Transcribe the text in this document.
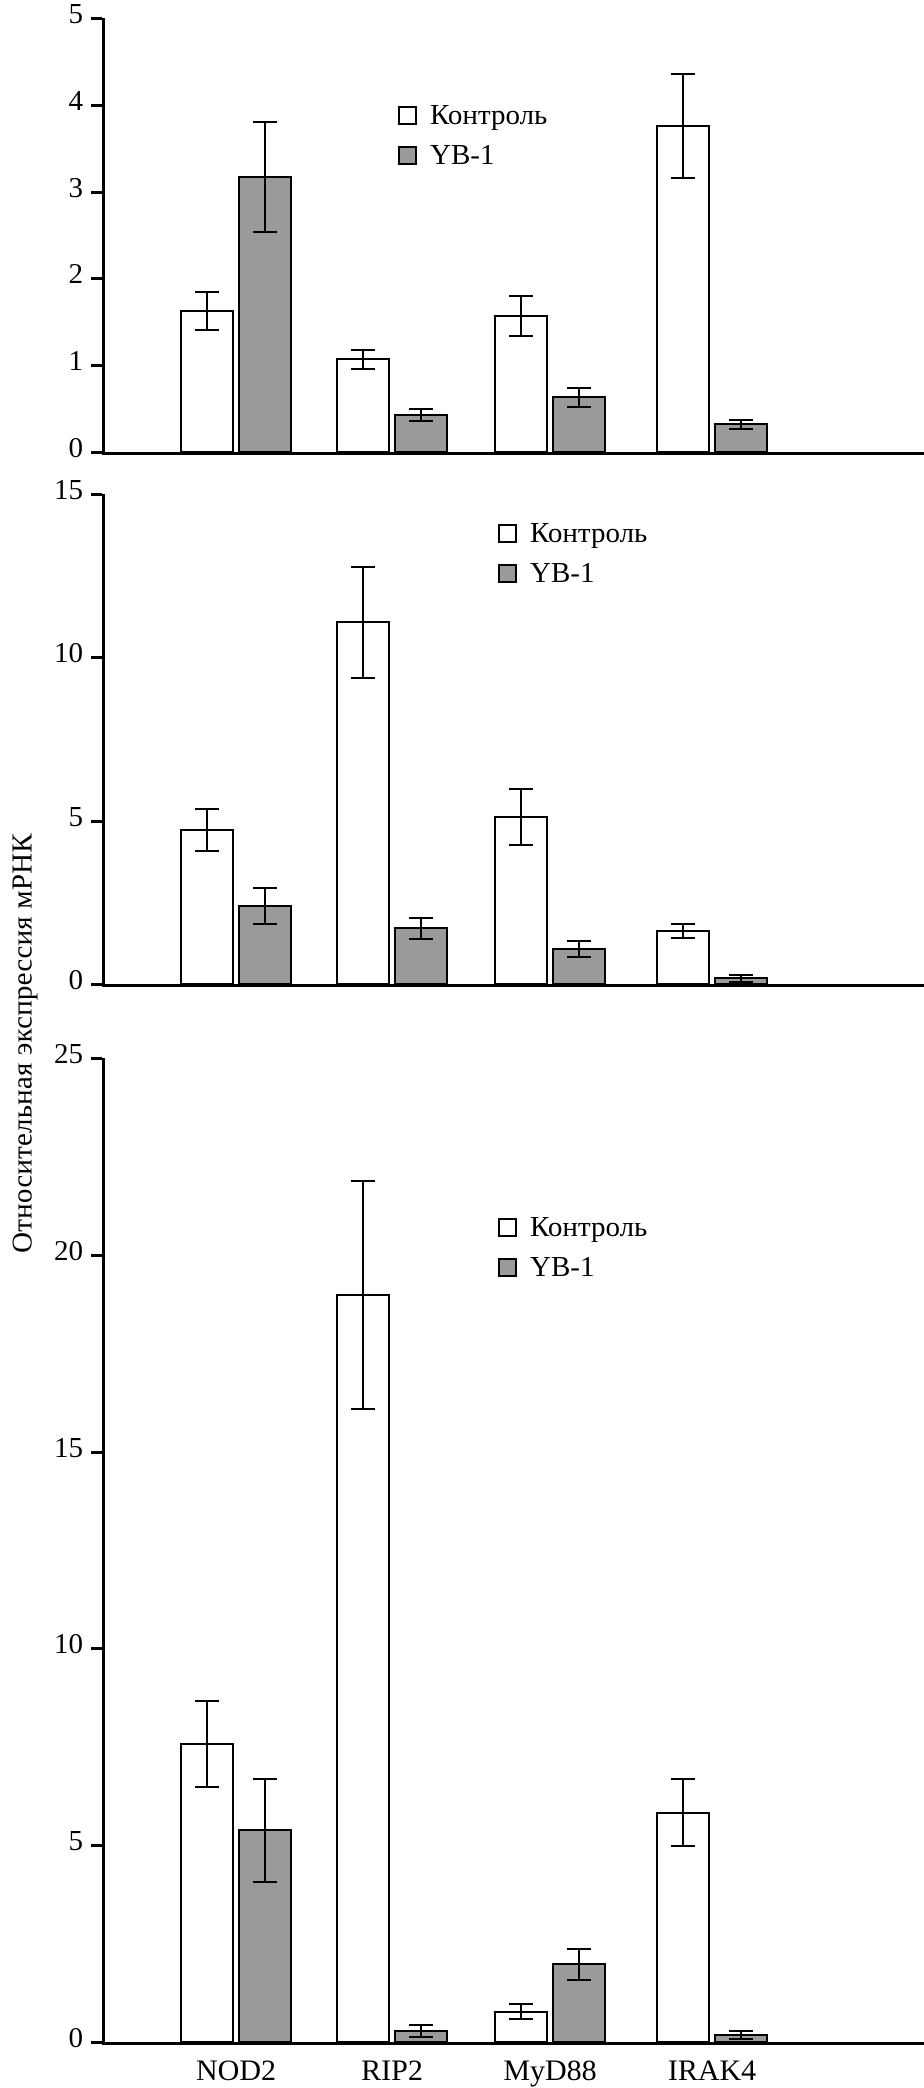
Относительная экспрессия мРНК
0
1
2
3
4
5
Контроль
YB-1
0
5
10
15
Контроль
YB-1
0
5
10
15
20
25
Контроль
YB-1
NOD2	RIP2	MyD88	IRAK4
